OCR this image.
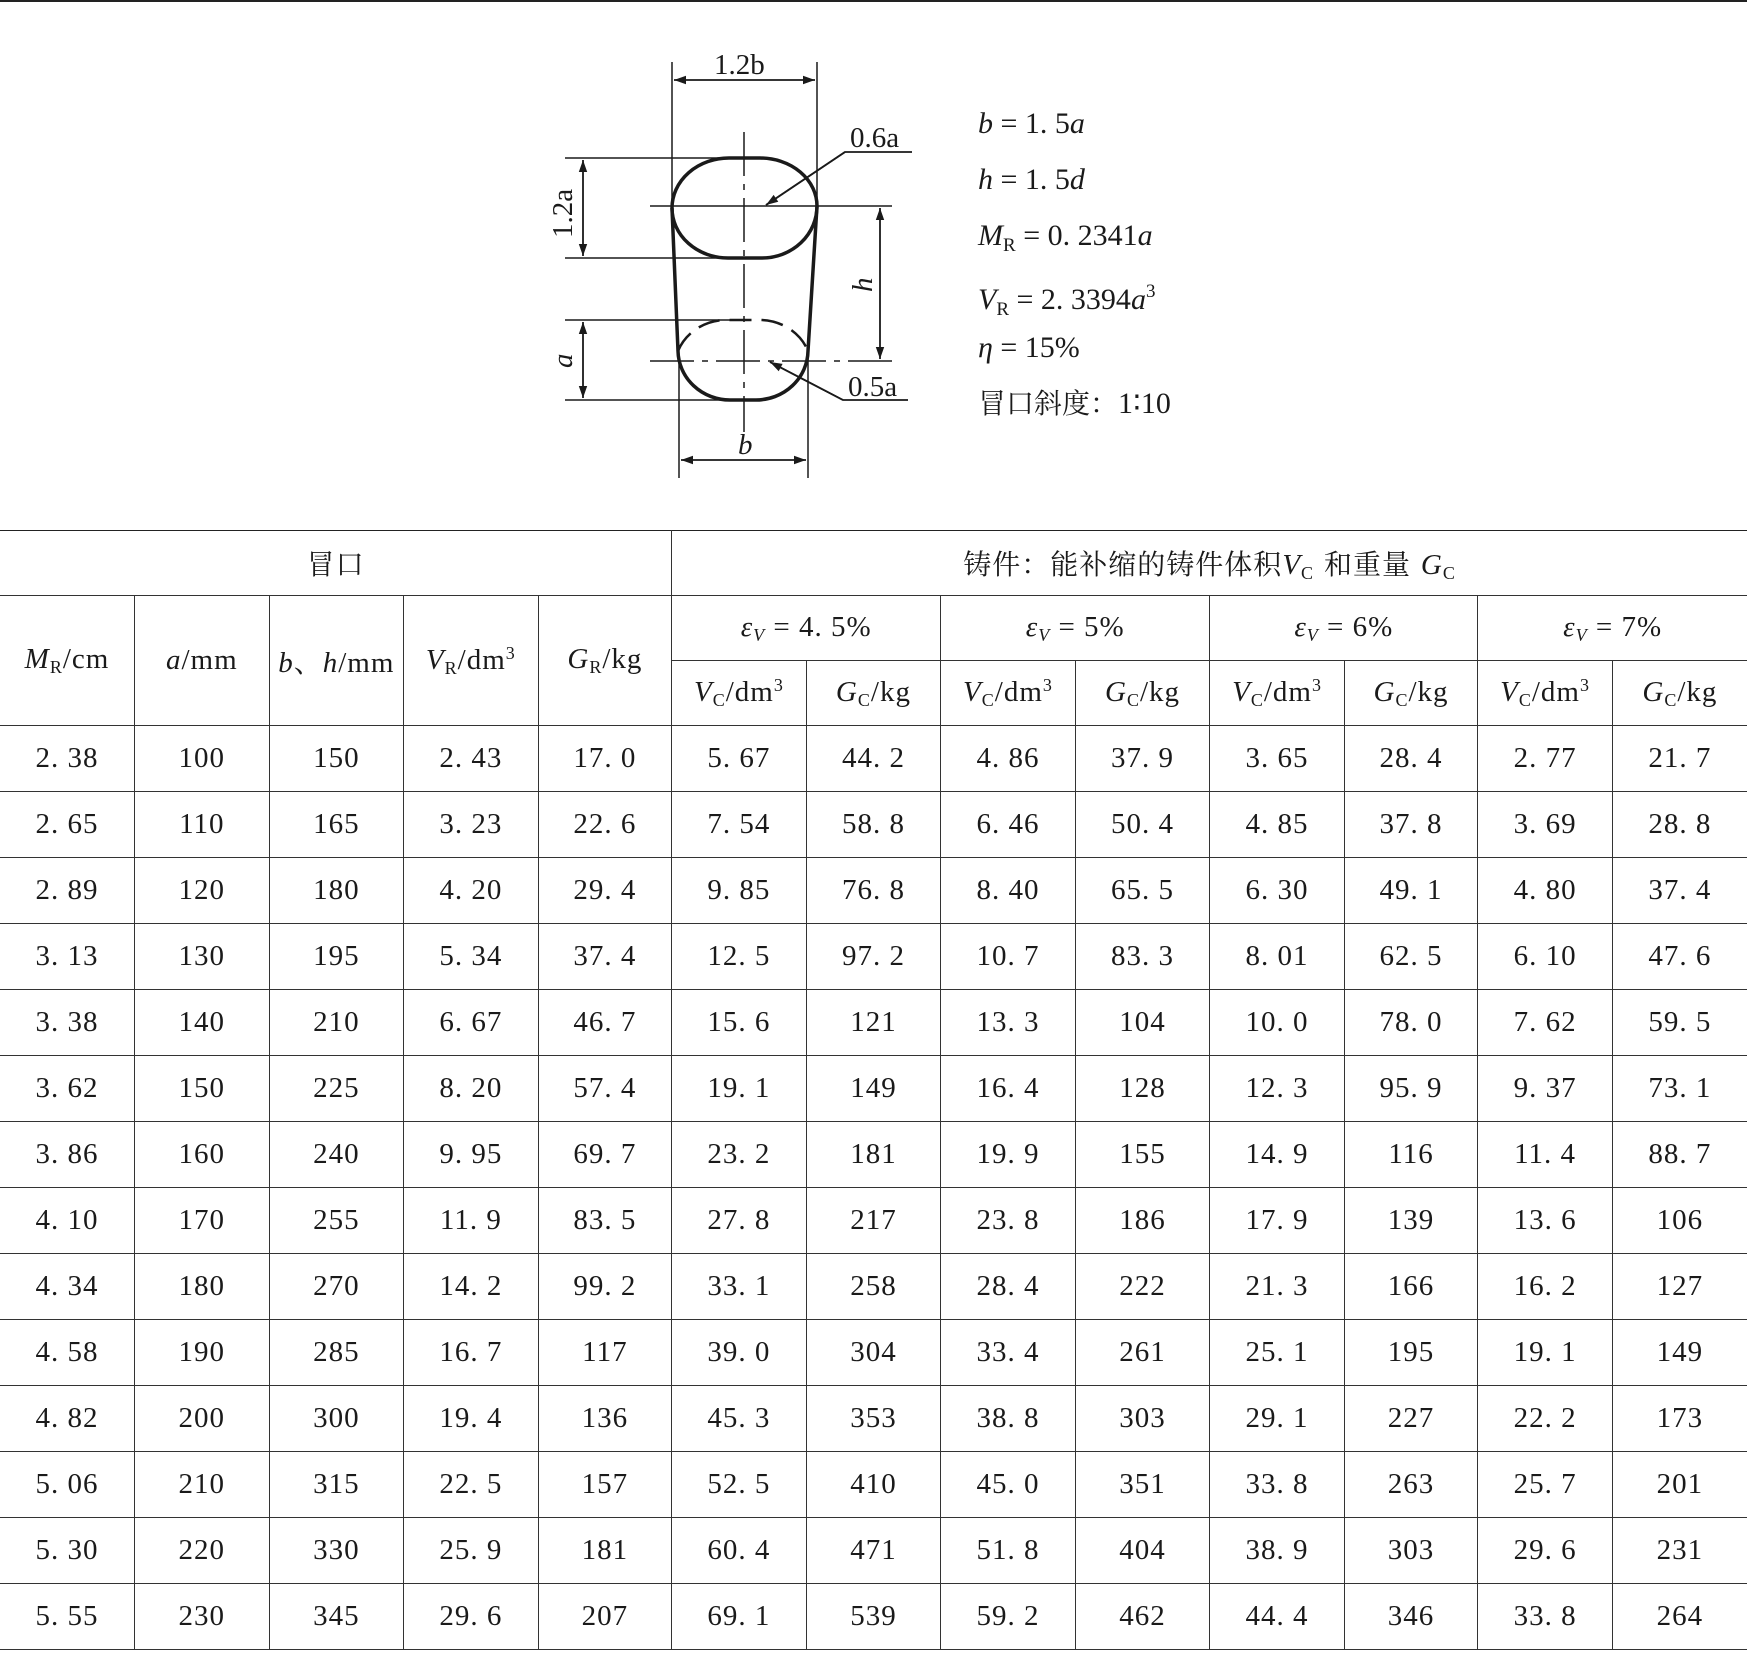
1.2b
0.6a
1.2a
h
a
0.5a
b
b = 1. 5a
h = 1. 5d
$M_R = 0$. 2341a
$V_R = 2$. $3394a^3$
η = 15%
冒口斜度：1∶10
冒口					铸件：能补缩的铸件体积$V_C$ 和重量 $G_C$
$M_R/cm$	a/mm	b、h/mm	$V_R/dm^3$	$G_R/kg$	$\varepsilon_V = 4$. 5%		$\varepsilon_V = 5\%$		$\varepsilon_V = 6\%$		$\varepsilon_V = 7\%$	
					$V_C/dm^3$	$G_C/kg$	$V_C/dm^3$	$G_C/kg$	$V_C/dm^3$	$G_C/kg$	$V_C/dm^3$	$G_C/kg$
2. 38	100	150	2. 43	17. 0	5. 67	44. 2	4. 86	37. 9	3. 65	28. 4	2. 77	21. 7
2. 65	110	165	3. 23	22. 6	7. 54	58. 8	6. 46	50. 4	4. 85	37. 8	3. 69	28. 8
2. 89	120	180	4. 20	29. 4	9. 85	76. 8	8. 40	65. 5	6. 30	49. 1	4. 80	37. 4
3. 13	130	195	5. 34	37. 4	12. 5	97. 2	10. 7	83. 3	8. 01	62. 5	6. 10	47. 6
3. 38	140	210	6. 67	46. 7	15. 6	121	13. 3	104	10. 0	78. 0	7. 62	59. 5
3. 62	150	225	8. 20	57. 4	19. 1	149	16. 4	128	12. 3	95. 9	9. 37	73. 1
3. 86	160	240	9. 95	69. 7	23. 2	181	19. 9	155	14. 9	116	11. 4	88. 7
4. 10	170	255	11. 9	83. 5	27. 8	217	23. 8	186	17. 9	139	13. 6	106
4. 34	180	270	14. 2	99. 2	33. 1	258	28. 4	222	21. 3	166	16. 2	127
4. 58	190	285	16. 7	117	39. 0	304	33. 4	261	25. 1	195	19. 1	149
4. 82	200	300	19. 4	136	45. 3	353	38. 8	303	29. 1	227	22. 2	173
5. 06	210	315	22. 5	157	52. 5	410	45. 0	351	33. 8	263	25. 7	201
5. 30	220	330	25. 9	181	60. 4	471	51. 8	404	38. 9	303	29. 6	231
5. 55	230	345	29. 6	207	69. 1	539	59. 2	462	44. 4	346	33. 8	264
